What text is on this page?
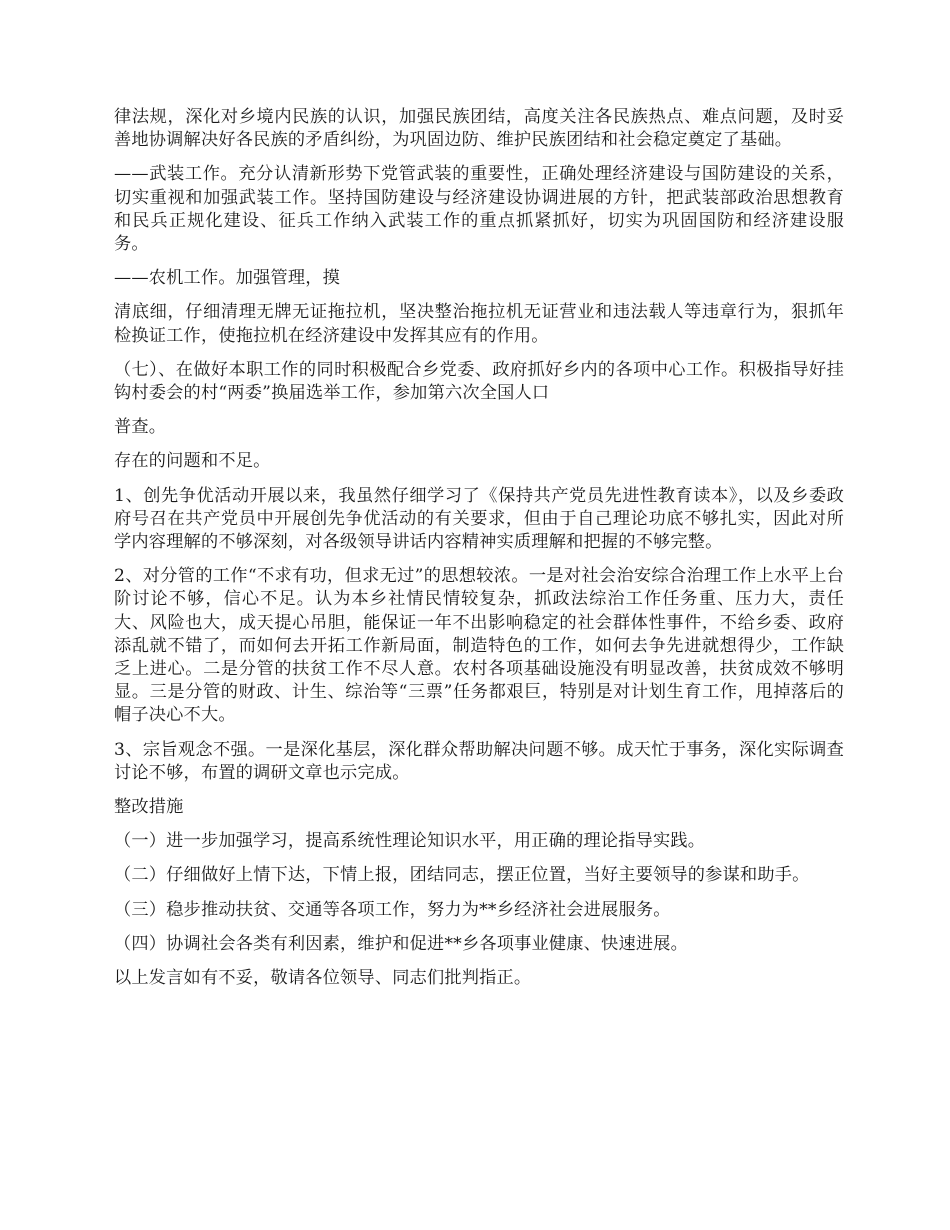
律法规，深化对乡境内民族的认识，加强民族团结，高度关注各民族热点、难点问题，及时妥善地协调解决好各民族的矛盾纠纷，为巩固边防、维护民族团结和社会稳定奠定了基础。

——武装工作。充分认清新形势下党管武装的重要性，正确处理经济建设与国防建设的关系，切实重视和加强武装工作。坚持国防建设与经济建设协调进展的方针，把武装部政治思想教育和民兵正规化建设、征兵工作纳入武装工作的重点抓紧抓好，切实为巩固国防和经济建设服务。

——农机工作。加强管理，摸

清底细，仔细清理无牌无证拖拉机，坚决整治拖拉机无证营业和违法载人等违章行为，狠抓年检换证工作，使拖拉机在经济建设中发挥其应有的作用。

（七）、在做好本职工作的同时积极配合乡党委、政府抓好乡内的各项中心工作。积极指导好挂钩村委会的村“两委”换届选举工作，参加第六次全国人口

普查。

存在的问题和不足。

1、创先争优活动开展以来，我虽然仔细学习了《保持共产党员先进性教育读本》，以及乡委政府号召在共产党员中开展创先争优活动的有关要求，但由于自己理论功底不够扎实，因此对所学内容理解的不够深刻，对各级领导讲话内容精神实质理解和把握的不够完整。

2、对分管的工作“不求有功，但求无过”的思想较浓。一是对社会治安综合治理工作上水平上台阶讨论不够，信心不足。认为本乡社情民情较复杂，抓政法综治工作任务重、压力大，责任大、风险也大，成天提心吊胆，能保证一年不出影响稳定的社会群体性事件，不给乡委、政府添乱就不错了，而如何去开拓工作新局面，制造特色的工作，如何去争先进就想得少，工作缺乏上进心。二是分管的扶贫工作不尽人意。农村各项基础设施没有明显改善，扶贫成效不够明显。三是分管的财政、计生、综治等“三票”任务都艰巨，特别是对计划生育工作，甩掉落后的帽子决心不大。

3、宗旨观念不强。一是深化基层，深化群众帮助解决问题不够。成天忙于事务，深化实际调查讨论不够，布置的调研文章也示完成。

整改措施

（一）进一步加强学习，提高系统性理论知识水平，用正确的理论指导实践。

（二）仔细做好上情下达，下情上报，团结同志，摆正位置，当好主要领导的参谋和助手。

（三）稳步推动扶贫、交通等各项工作，努力为**乡经济社会进展服务。

（四）协调社会各类有利因素，维护和促进**乡各项事业健康、快速进展。

以上发言如有不妥，敬请各位领导、同志们批判指正。
